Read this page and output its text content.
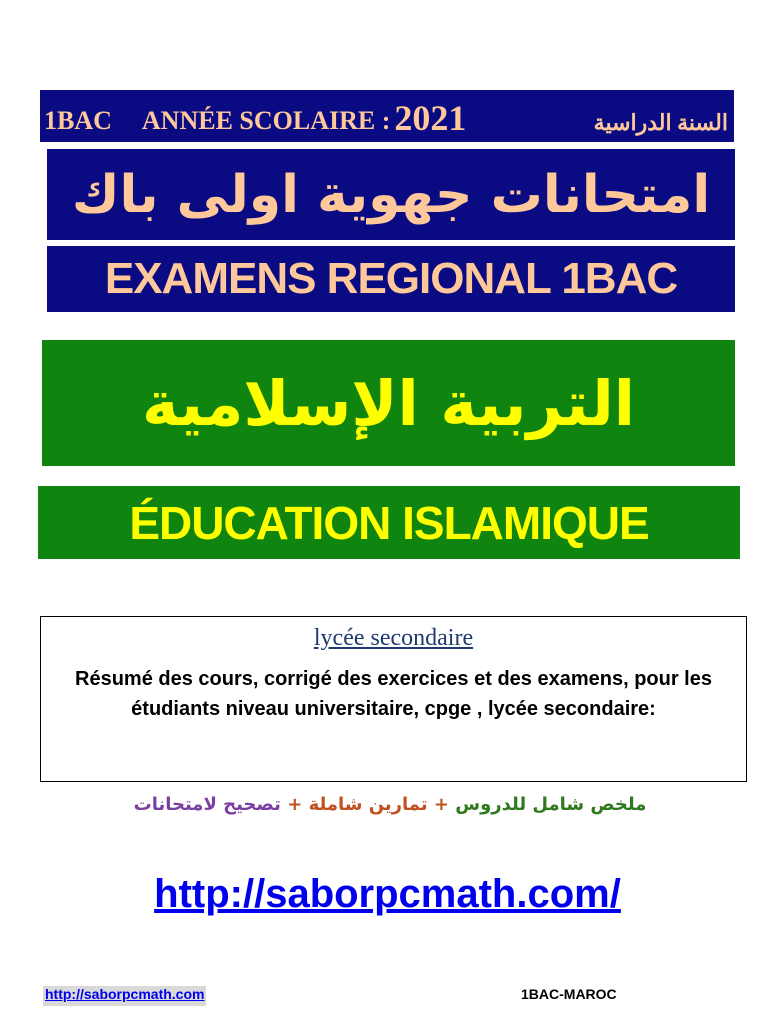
1BAC ANNÉE SCOLAIRE : 2021	السنة الدراسية
امتحانات جهوية اولى باك
EXAMENS REGIONAL 1BAC
التربية الإسلامية
ÉDUCATION ISLAMIQUE
lycée secondaire
Résumé des cours, corrigé des exercices et des examens, pour les étudiants niveau universitaire, cpge , lycée secondaire:
ملخص شامل للدروس + تمارين شاملة + تصحيح لامتحانات
http://saborpcmath.com/
http://saborpcmath.com	1BAC-MAROC
